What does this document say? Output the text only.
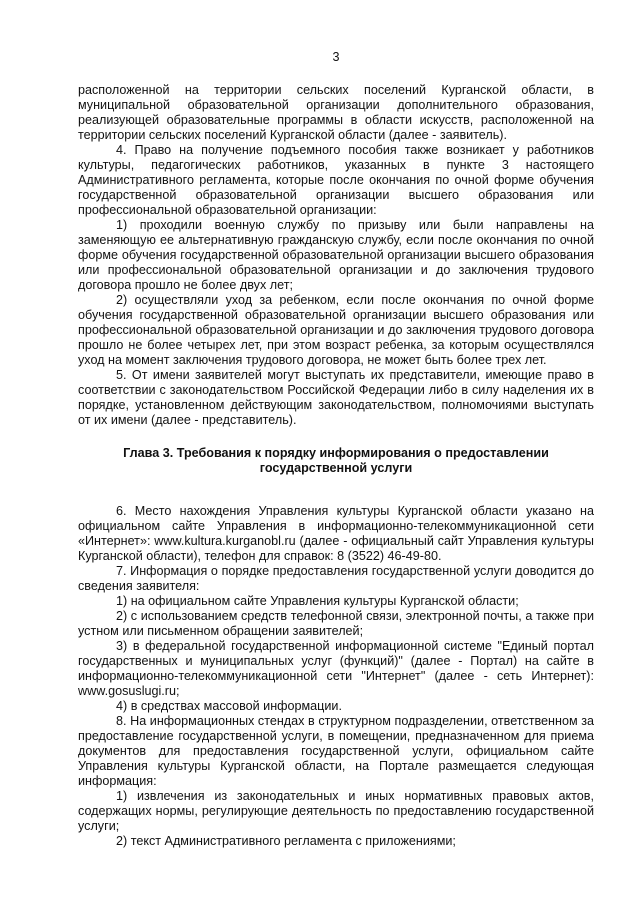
3

расположенной на территории сельских поселений Курганской области, в муниципальной образовательной организации дополнительного образования, реализующей образовательные программы в области искусств, расположенной на территории сельских поселений Курганской области (далее - заявитель).

4. Право на получение подъемного пособия также возникает у работников культуры, педагогических работников, указанных в пункте 3 настоящего Административного регламента, которые после окончания по очной форме обучения государственной образовательной организации высшего образования или профессиональной образовательной организации:

1) проходили военную службу по призыву или были направлены на заменяющую ее альтернативную гражданскую службу, если после окончания по очной форме обучения государственной образовательной организации высшего образования или профессиональной образовательной организации и до заключения трудового договора прошло не более двух лет;

2) осуществляли уход за ребенком, если после окончания по очной форме обучения государственной образовательной организации высшего образования или профессиональной образовательной организации и до заключения трудового договора прошло не более четырех лет, при этом возраст ребенка, за которым осуществлялся уход на момент заключения трудового договора, не может быть более трех лет.

5. От имени заявителей могут выступать их представители, имеющие право в соответствии с законодательством Российской Федерации либо в силу наделения их в порядке, установленном действующим законодательством, полномочиями выступать от их имени (далее - представитель).

Глава 3. Требования к порядку информирования о предоставлении
государственной услуги

6. Место нахождения Управления культуры Курганской области указано на официальном сайте Управления в информационно-телекоммуникационной сети «Интернет»: www.kultura.kurganobl.ru (далее - официальный сайт Управления культуры Курганской области), телефон для справок: 8 (3522) 46-49-80.

7. Информация о порядке предоставления государственной услуги доводится до сведения заявителя:

1) на официальном сайте Управления культуры Курганской области;

2) с использованием средств телефонной связи, электронной почты, а также при устном или письменном обращении заявителей;

3) в федеральной государственной информационной системе "Единый портал государственных и муниципальных услуг (функций)" (далее - Портал) на сайте в информационно-телекоммуникационной сети "Интернет" (далее - сеть Интернет): www.gosuslugi.ru;

4) в средствах массовой информации.

8. На информационных стендах в структурном подразделении, ответственном за предоставление государственной услуги, в помещении, предназначенном для приема документов для предоставления государственной услуги, официальном сайте Управления культуры Курганской области, на Портале размещается следующая информация:

1) извлечения из законодательных и иных нормативных правовых актов, содержащих нормы, регулирующие деятельность по предоставлению государственной услуги;

2) текст Административного регламента с приложениями;
